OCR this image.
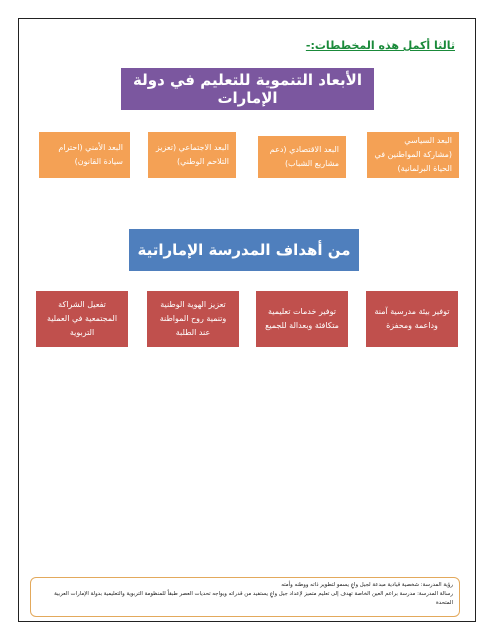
ثالثا أكمل هذه المخططات:-
الأبعاد التنموية للتعليم في دولة الإمارات
البعد السياسي (مشاركة المواطنين في الحياة البرلمانية)
البعد الاقتصادي (دعم مشاريع الشباب)
البعد الاجتماعي (تعزيز التلاحم الوطني)
البعد الأمني (احترام سيادة القانون)
من أهداف المدرسة الإماراتية
توفير بيئة مدرسية آمنة وداعمة ومحفزة
توفير خدمات تعليمية متكافئة وبعدالة للجميع
تعزيز الهوية الوطنية وتنمية روح المواطنة عند الطلبة
تفعيل الشراكة المجتمعية في العملية التربوية

رؤية المدرسة: شخصية قيادية مبدعة لجيل واعٍ يسمو لتطوير ذاته ووطنه وأمته

رسالة المدرسة: مدرسة براعم العين الخاصة تهدف إلى تعليم متميز لإعداد جيل واعٍ يستفيد من قدراته ويواجه تحديات العصر طبقاً للمنظومة التربوية والتعليمية بدولة الإمارات العربية المتحدة
